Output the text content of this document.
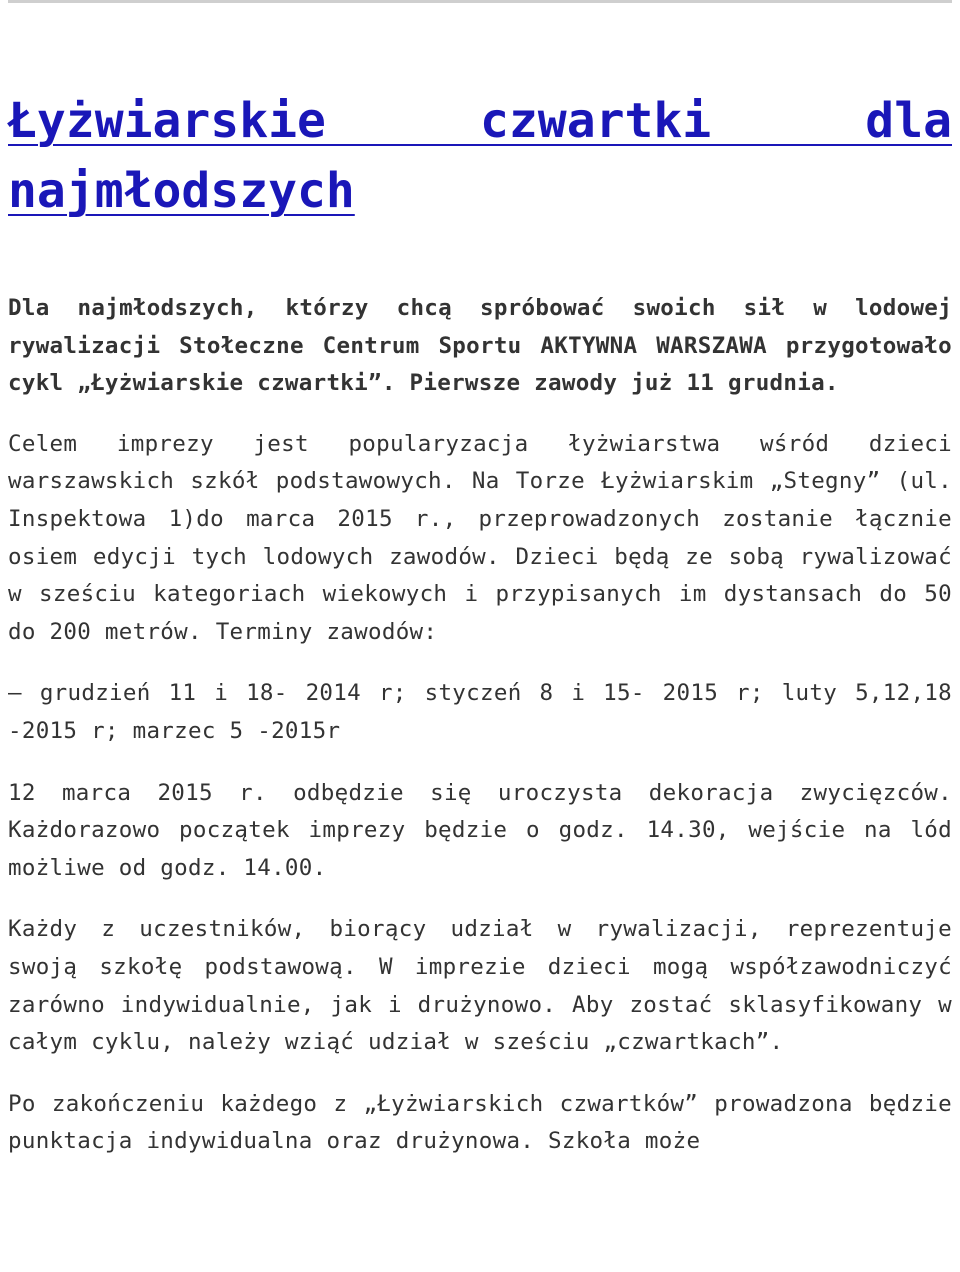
Łyżwiarskie czwartki dla najmłodszych

Dla najmłodszych, którzy chcą spróbować swoich sił w lodowej rywalizacji Stołeczne Centrum Sportu AKTYWNA WARSZAWA przygotowało cykl „Łyżwiarskie czwartki”. Pierwsze zawody już 11 grudnia.

Celem imprezy jest popularyzacja łyżwiarstwa wśród dzieci warszawskich szkół podstawowych. Na Torze Łyżwiarskim „Stegny” (ul. Inspektowa 1)do marca 2015 r., przeprowadzonych zostanie łącznie osiem edycji tych lodowych zawodów. Dzieci będą ze sobą rywalizować w sześciu kategoriach wiekowych i przypisanych im dystansach do 50 do 200 metrów. Terminy zawodów:

– grudzień 11 i 18- 2014 r; styczeń 8 i 15- 2015 r; luty 5,12,18 -2015 r; marzec 5 -2015r

12 marca 2015 r. odbędzie się uroczysta dekoracja zwycięzców. Każdorazowo początek imprezy będzie o godz. 14.30, wejście na lód możliwe od godz. 14.00.

Każdy z uczestników, biorący udział w rywalizacji, reprezentuje swoją szkołę podstawową. W imprezie dzieci mogą współzawodniczyć zarówno indywidualnie, jak i drużynowo. Aby zostać sklasyfikowany w całym cyklu, należy wziąć udział w sześciu „czwartkach”.

Po zakończeniu każdego z „Łyżwiarskich czwartków” prowadzona będzie punktacja indywidualna oraz drużynowa. Szkoła może
